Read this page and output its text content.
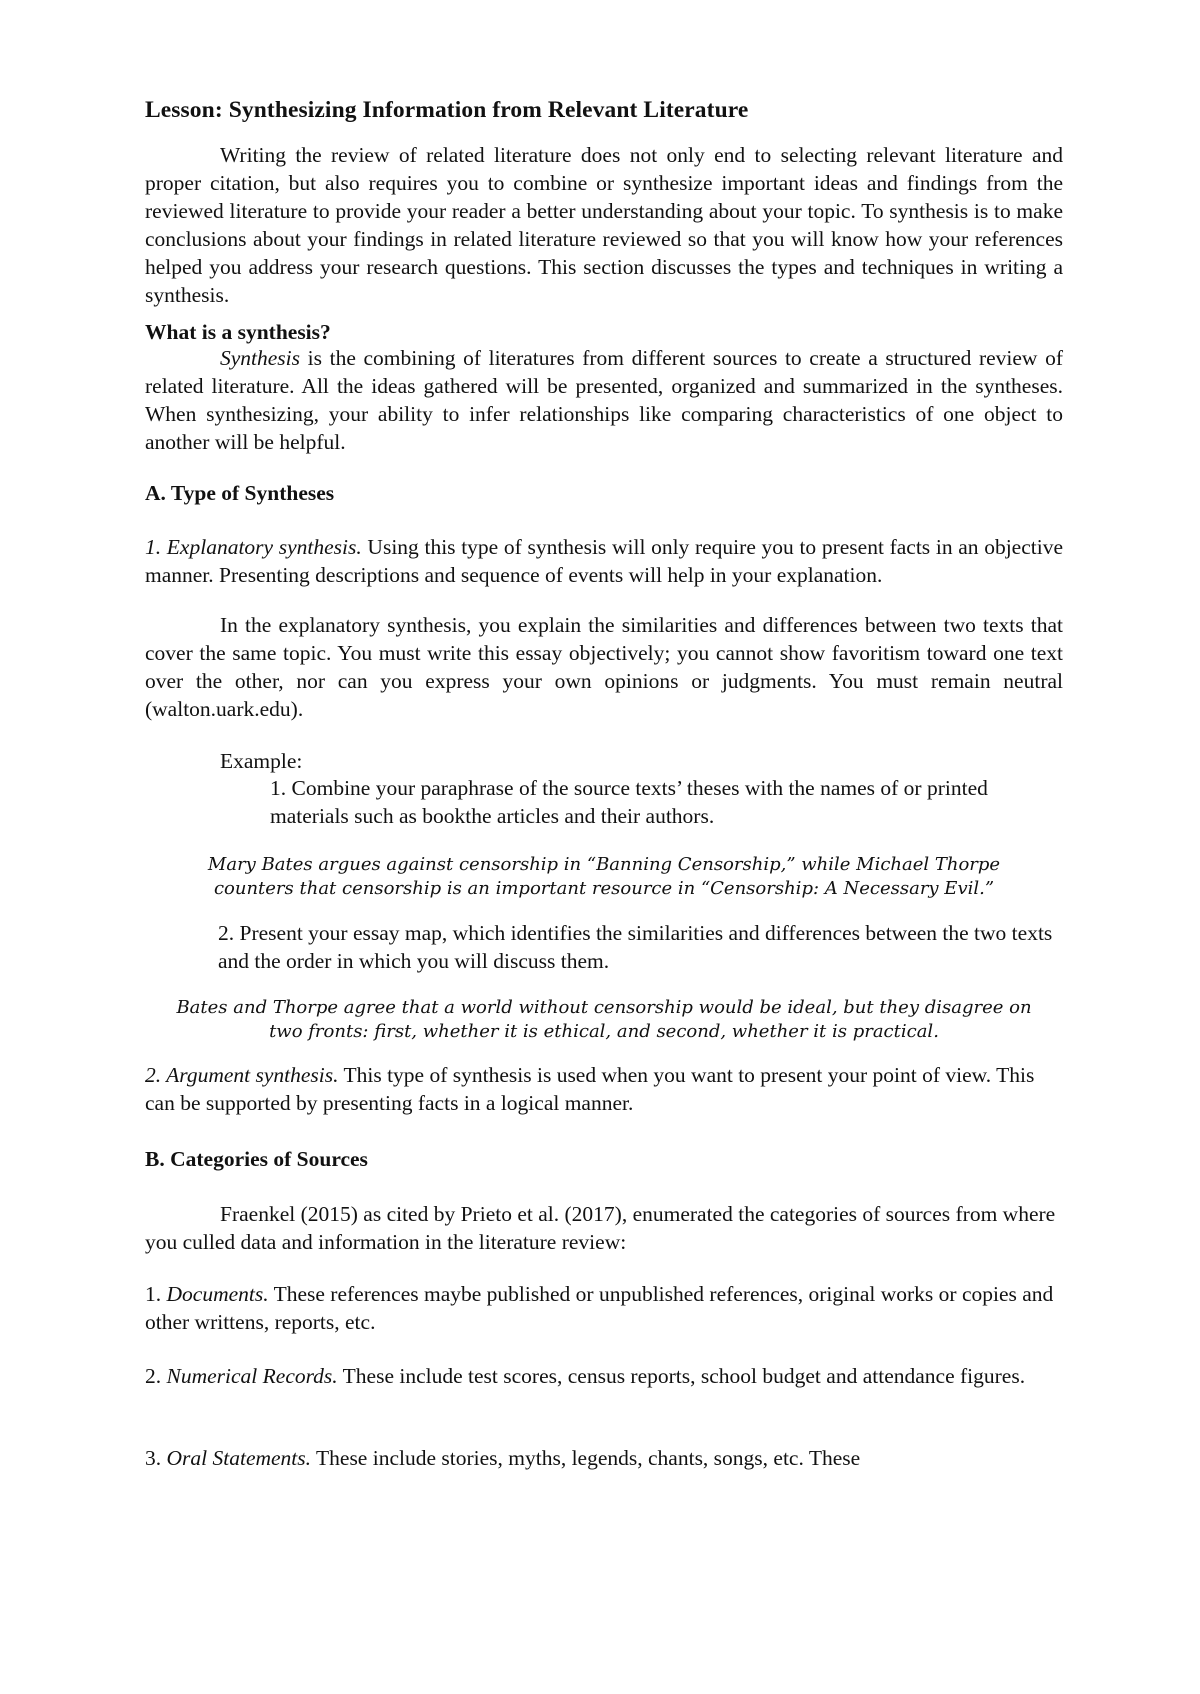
Lesson: Synthesizing Information from Relevant Literature

Writing the review of related literature does not only end to selecting relevant literature and proper citation, but also requires you to combine or synthesize important ideas and findings from the reviewed literature to provide your reader a better understanding about your topic. To synthesis is to make conclusions about your findings in related literature reviewed so that you will know how your references helped you address your research questions. This section discusses the types and techniques in writing a synthesis.

What is a synthesis?

Synthesis is the combining of literatures from different sources to create a structured review of related literature. All the ideas gathered will be presented, organized and summarized in the syntheses. When synthesizing, your ability to infer relationships like comparing characteristics of one object to another will be helpful.

A. Type of Syntheses

1. Explanatory synthesis. Using this type of synthesis will only require you to present facts in an objective manner. Presenting descriptions and sequence of events will help in your explanation.

In the explanatory synthesis, you explain the similarities and differences between two texts that cover the same topic. You must write this essay objectively; you cannot show favoritism toward one text over the other, nor can you express your own opinions or judgments. You must remain neutral (walton.uark.edu).

Example:

1. Combine your paraphrase of the source texts’ theses with the names of or printed materials such as bookthe articles and their authors.

Mary Bates argues against censorship in “Banning Censorship,” while Michael Thorpe
counters that censorship is an important resource in “Censorship: A Necessary Evil.”

2. Present your essay map, which identifies the similarities and differences between the two texts and the order in which you will discuss them.

Bates and Thorpe agree that a world without censorship would be ideal, but they disagree on
two fronts: first, whether it is ethical, and second, whether it is practical.

2. Argument synthesis. This type of synthesis is used when you want to present your point of view. This can be supported by presenting facts in a logical manner.

B. Categories of Sources

Fraenkel (2015) as cited by Prieto et al. (2017), enumerated the categories of sources from where you culled data and information in the literature review:

1. Documents. These references maybe published or unpublished references, original works or copies and other writtens, reports, etc.

2. Numerical Records. These include test scores, census reports, school budget and attendance figures.

3. Oral Statements. These include stories, myths, legends, chants, songs, etc. These
